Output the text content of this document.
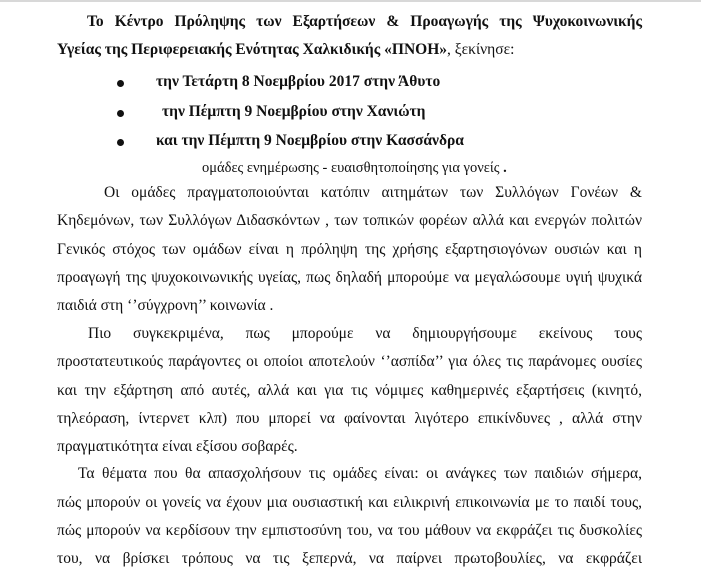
Το Κέντρο Πρόληψης των Εξαρτήσεων & Προαγωγής της Ψυχοκοινωνικής
Υγείας της Περιφερειακής Ενότητας Χαλκιδικής «ΠΝΟΗ», ξεκίνησε:
την Τετάρτη 8 Νοεμβρίου 2017 στην Άθυτο
την Πέμπτη 9 Νοεμβρίου στην Χανιώτη
και την Πέμπτη 9 Νοεμβρίου στην Κασσάνδρα
ομάδες ενημέρωσης - ευαισθητοποίησης για γονείς .
Οι ομάδες πραγματοποιούνται κατόπιν αιτημάτων των Συλλόγων Γονέων &
Κηδεμόνων, των Συλλόγων Διδασκόντων , των τοπικών φορέων αλλά και ενεργών πολιτών
Γενικός στόχος των ομάδων είναι η πρόληψη της χρήσης εξαρτησιογόνων ουσιών και η
προαγωγή της ψυχοκοινωνικής υγείας, πως δηλαδή μπορούμε να μεγαλώσουμε υγιή ψυχικά
παιδιά στη ‘’σύγχρονη’’ κοινωνία .
Πιο συγκεκριμένα, πως μπορούμε να δημιουργήσουμε εκείνους τους
προστατευτικούς παράγοντες οι οποίοι αποτελούν ‘’ασπίδα’’ για όλες τις παράνομες ουσίες
και την εξάρτηση από αυτές, αλλά και για τις νόμιμες καθημερινές εξαρτήσεις (κινητό,
τηλεόραση, ίντερνετ κλπ) που μπορεί να φαίνονται λιγότερο επικίνδυνες , αλλά στην
πραγματικότητα είναι εξίσου σοβαρές.
Τα θέματα που θα απασχολήσουν τις ομάδες είναι: οι ανάγκες των παιδιών σήμερα,
πώς μπορούν οι γονείς να έχουν μια ουσιαστική και ειλικρινή επικοινωνία με το παιδί τους,
πώς μπορούν να κερδίσουν την εμπιστοσύνη του, να του μάθουν να εκφράζει τις δυσκολίες
του, να βρίσκει τρόπους να τις ξεπερνά, να παίρνει πρωτοβουλίες, να εκφράζει
